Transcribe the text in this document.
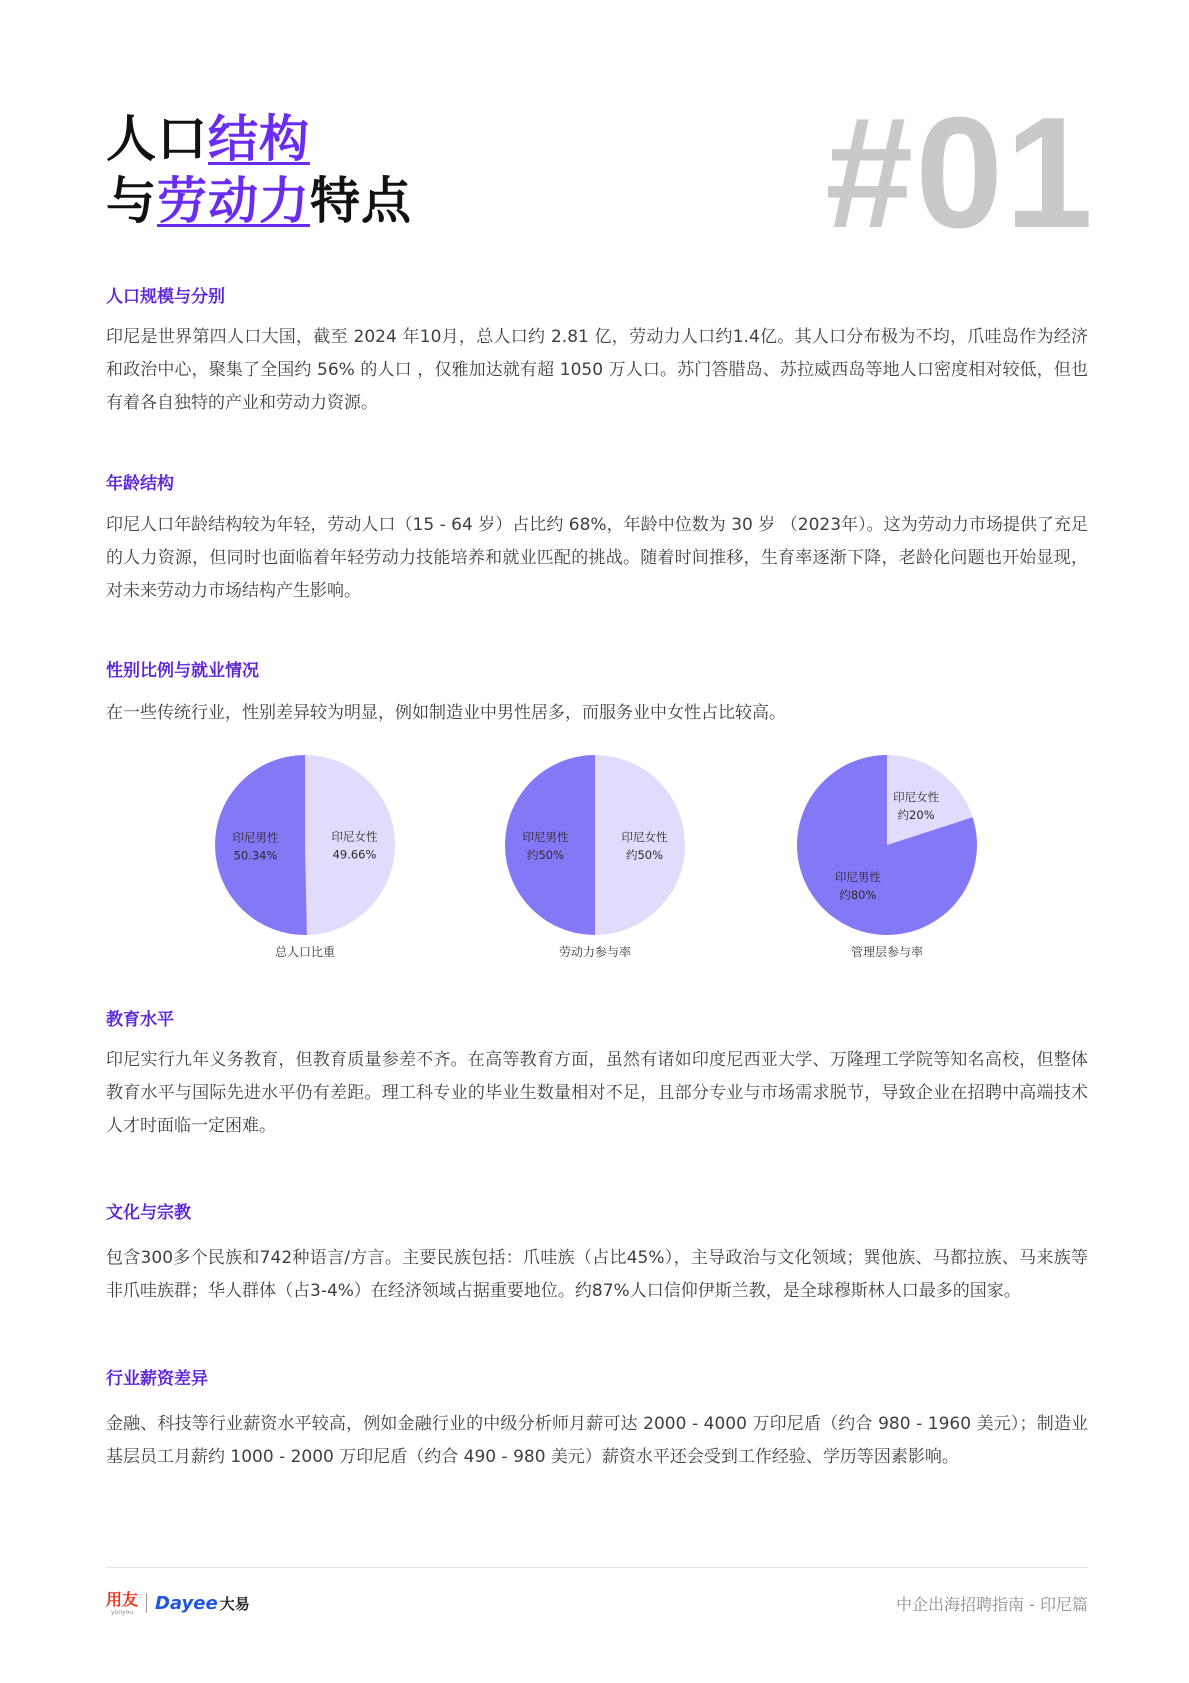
人口结构
与劳动力特点	#01
人口规模与分别
印尼是世界第四人口大国，截至 2024 年10月，总人口约 2.81 亿，劳动力人口约1.4亿。其人口分布极为不均，爪哇岛作为经济和政治中心，聚集了全国约 56% 的人口 ，仅雅加达就有超 1050 万人口。苏门答腊岛、苏拉威西岛等地人口密度相对较低，但也有着各自独特的产业和劳动力资源。
年龄结构
印尼人口年龄结构较为年轻，劳动人口（15 - 64 岁）占比约 68%，年龄中位数为 30 岁 （2023年）。这为劳动力市场提供了充足的人力资源，但同时也面临着年轻劳动力技能培养和就业匹配的挑战。随着时间推移，生育率逐渐下降，老龄化问题也开始显现，对未来劳动力市场结构产生影响。
性别比例与就业情况
在一些传统行业，性别差异较为明显，例如制造业中男性居多，而服务业中女性占比较高。
印尼女性
49.66%
印尼男性
50.34%
总人口比重
印尼女性
约50%
印尼男性
约50%
劳动力参与率
印尼女性
约20%
印尼男性
约80%
管理层参与率
教育水平
印尼实行九年义务教育，但教育质量参差不齐。在高等教育方面，虽然有诸如印度尼西亚大学、万隆理工学院等知名高校，但整体教育水平与国际先进水平仍有差距。理工科专业的毕业生数量相对不足，且部分专业与市场需求脱节，导致企业在招聘中高端技术人才时面临一定困难。
文化与宗教
包含300多个民族和742种语言/方言。主要民族包括：爪哇族（占比45%），主导政治与文化领域；巽他族、马都拉族、马来族等非爪哇族群；华人群体（占3-4%）在经济领域占据重要地位。约87%人口信仰伊斯兰教，是全球穆斯林人口最多的国家。
行业薪资差异
金融、科技等行业薪资水平较高，例如金融行业的中级分析师月薪可达 2000 - 4000 万印尼盾（约合 980 - 1960 美元）；制造业基层员工月薪约 1000 - 2000 万印尼盾（约合 490 - 980 美元）薪资水平还会受到工作经验、学历等因素影响。
用友
yonyou Dayee 大易	中企出海招聘指南 - 印尼篇
